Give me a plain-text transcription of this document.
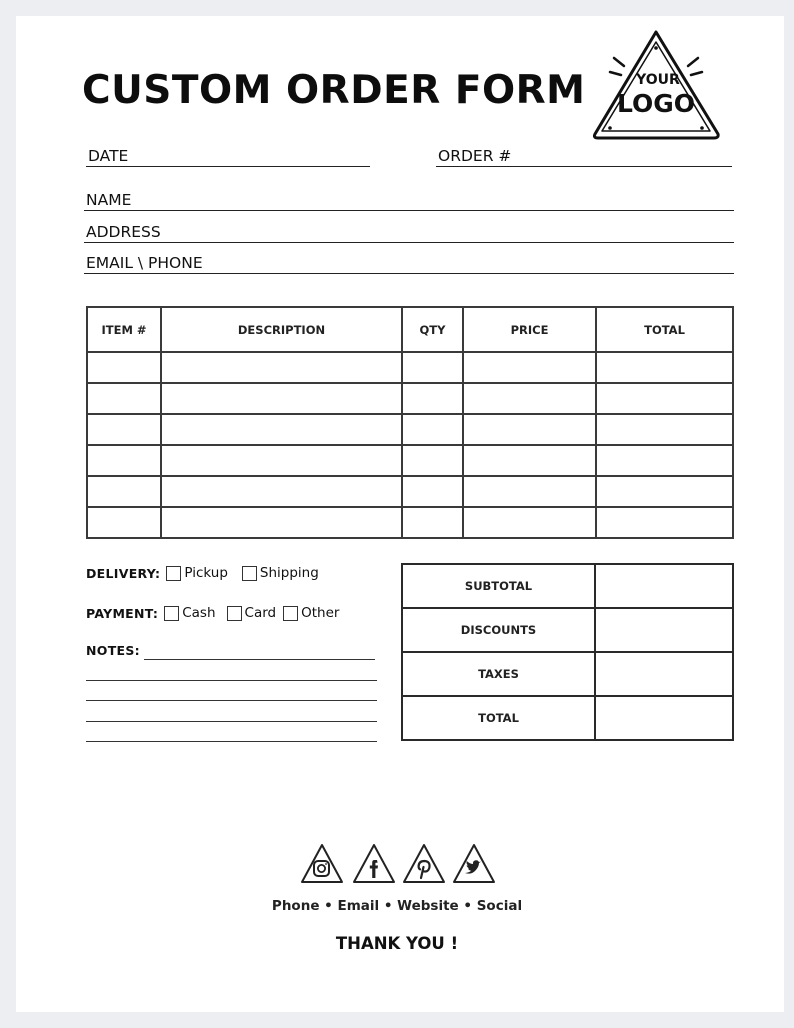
CUSTOM ORDER FORM	YOUR
LOGO
DATE	ORDER #
NAME
ADDRESS
EMAIL \ PHONE
ITEM #	DESCRIPTION	QTY	PRICE	TOTAL

DELIVERY: Pickup Shipping
PAYMENT: Cash Card Other
NOTES:
SUBTOTAL	
DISCOUNTS	
TAXES	
TOTAL	
Phone • Email • Website • Social
THANK YOU !
